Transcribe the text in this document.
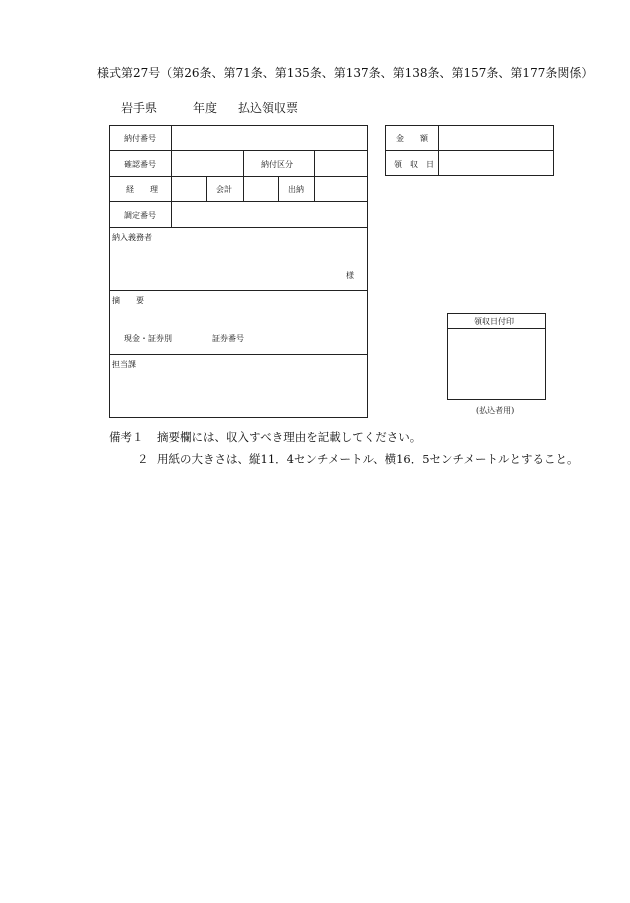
様式第27号（第26条、第71条、第135条、第137条、第138条、第157条、第177条関係）
岩手県	年度 払込領収票
納付番号
確認番号	納付区分
経　　理	会計	出納
調定番号
納入義務者
様
摘　　要
現金・証券別	証券番号
担当課
金　　額
領　収　日
領収日付印
(払込者用)
備考１ 摘要欄には、収入すべき理由を記載してください。
２ 用紙の大きさは、縦11．4センチメートル、横16．5センチメートルとすること。
